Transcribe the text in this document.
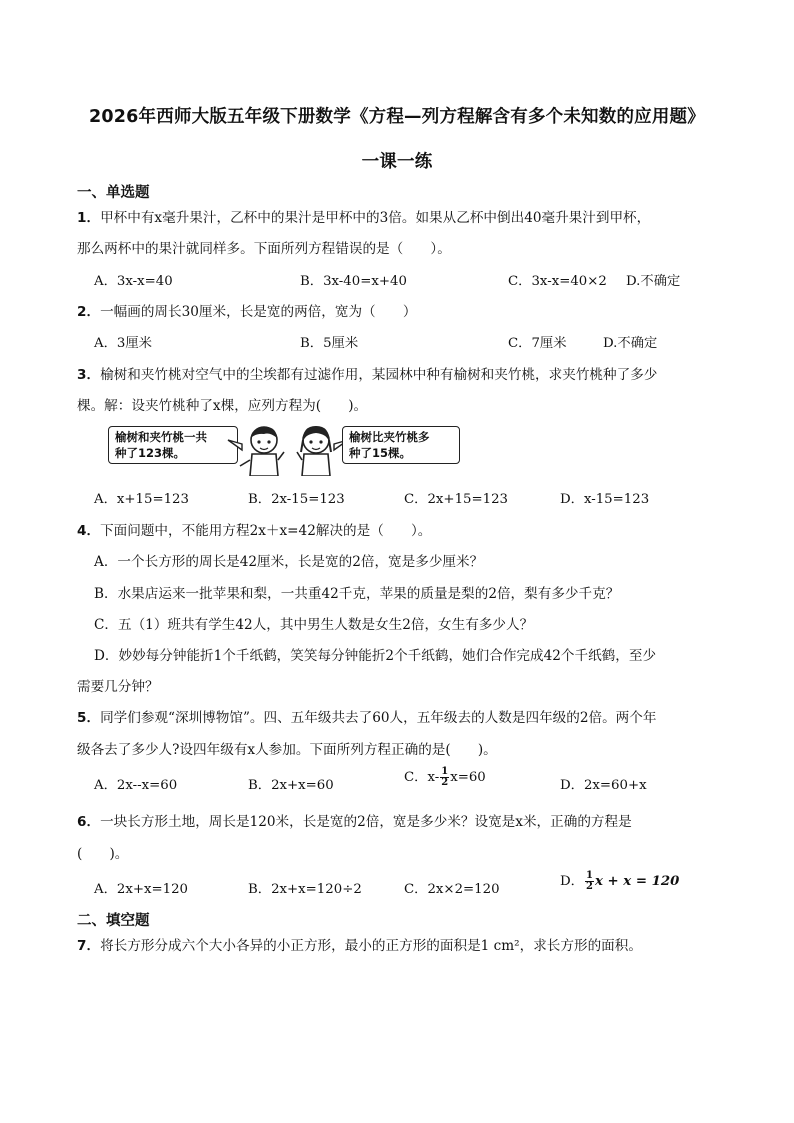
2026年西师大版五年级下册数学《方程—列方程解含有多个未知数的应用题》
一课一练
一、单选题
1．甲杯中有x毫升果汁，乙杯中的果汁是甲杯中的3倍。如果从乙杯中倒出40毫升果汁到甲杯，
那么两杯中的果汁就同样多。下面所列方程错误的是（　　）。
A．3x-x=40	B．3x-40=x+40	C．3x-x=40×2 D.不确定
2．一幅画的周长30厘米，长是宽的两倍，宽为（　　）
A．3厘米	B．5厘米	C．7厘米	D.不确定
3．榆树和夹竹桃对空气中的尘埃都有过滤作用，某园林中种有榆树和夹竹桃，求夹竹桃种了多少
棵。解：设夹竹桃种了x棵，应列方程为(　　)。
榆树和夹竹桃一共
种了123棵。
榆树比夹竹桃多
种了15棵。
A．x+15=123	B．2x-15=123	C．2x+15=123	D．x-15=123
4．下面问题中，不能用方程2x＋x=42解决的是（　　）。
A．一个长方形的周长是42厘米，长是宽的2倍，宽是多少厘米？
B．水果店运来一批苹果和梨，一共重42千克，苹果的质量是梨的2倍，梨有多少千克？
C．五（1）班共有学生42人，其中男生人数是女生2倍，女生有多少人？
D．妙妙每分钟能折1个千纸鹤，笑笑每分钟能折2个千纸鹤，她们合作完成42个千纸鹤，至少
需要几分钟？
5．同学们参观“深圳博物馆”。四、五年级共去了60人，五年级去的人数是四年级的2倍。两个年
级各去了多少人?设四年级有x人参加。下面所列方程正确的是(　　)。
A．2x--x=60	B．2x+x=60
C．$x- \frac{1}{2} x=60$
D．2x=60+x
6．一块长方形土地，周长是120米，长是宽的2倍，宽是多少米？设宽是x米，正确的方程是
(　　)。
A．2x+x=120	B．2x+x=120÷2	C．2x×2=120
D． $\frac{1}{2}$ x + x = 120
二、填空题
7．将长方形分成六个大小各异的小正方形，最小的正方形的面积是1 cm²，求长方形的面积。
